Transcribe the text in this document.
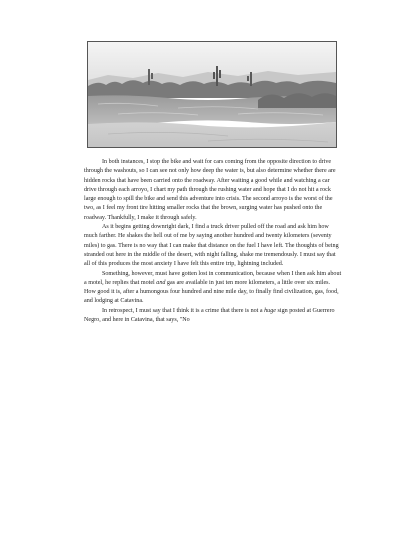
In both instances, I stop the bike and wait for cars coming from the opposite direction to drive through the washouts, so I can see not only how deep the water is, but also determine whether there are hidden rocks that have been carried onto the roadway. After waiting a good while and watching a car drive through each arroyo, I chart my path through the rushing water and hope that I do not hit a rock large enough to spill the bike and send this adventure into crisis. The second arroyo is the worst of the two, as I feel my front tire hitting smaller rocks that the brown, surging water has pushed onto the roadway. Thankfully, I make it through safely.

As it begins getting downright dark, I find a truck driver pulled off the road and ask him how much farther. He shakes the hell out of me by saying another hundred and twenty kilometers (seventy miles) to gas. There is no way that I can make that distance on the fuel I have left. The thoughts of being stranded out here in the middle of the desert, with night falling, shake me tremendously. I must say that all of this produces the most anxiety I have felt this entire trip, lightning included.

Something, however, must have gotten lost in communication, because when I then ask him about a motel, he replies that motel and gas are available in just ten more kilometers, a little over six miles. How good it is, after a humongous four hundred and nine mile day, to finally find civilization, gas, food, and lodging at Catavina.

In retrospect, I must say that I think it is a crime that there is not a huge sign posted at Guerrero Negro, and here in Catavina, that says, "No
